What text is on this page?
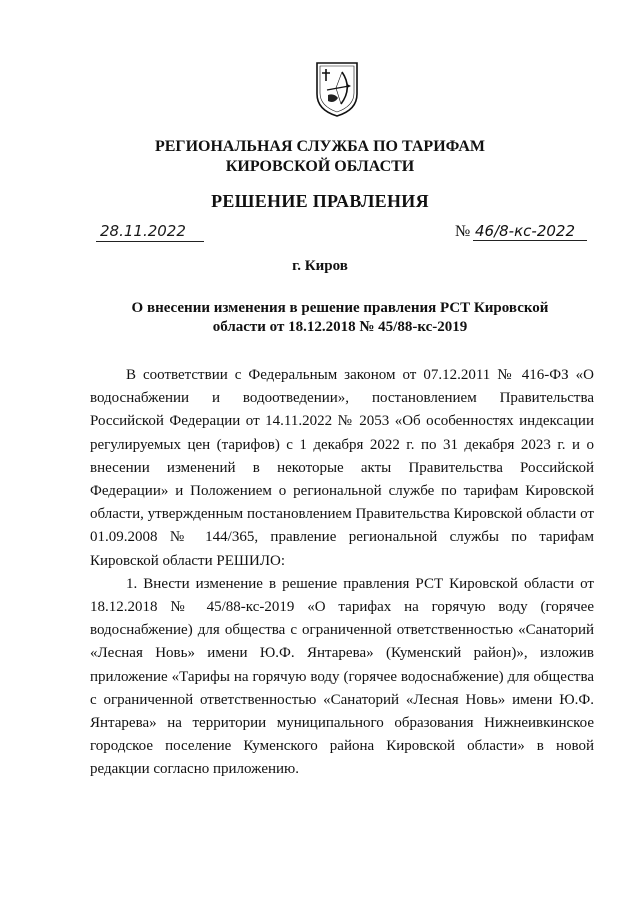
РЕГИОНАЛЬНАЯ СЛУЖБА ПО ТАРИФАМ
КИРОВСКОЙ ОБЛАСТИ
РЕШЕНИЕ ПРАВЛЕНИЯ
28.11.2022	№ 46/8-кс-2022
г. Киров
О внесении изменения в решение правления РСТ Кировской
области от 18.12.2018 № 45/88-кс-2019

В соответствии с Федеральным законом от 07.12.2011 № 416-ФЗ «О водоснабжении и водоотведении», постановлением Правительства Российской Федерации от 14.11.2022 № 2053 «Об особенностях индексации регулируемых цен (тарифов) с 1 декабря 2022 г. по 31 декабря 2023 г. и о внесении изменений в некоторые акты Правительства Российской Федерации» и Положением о региональной службе по тарифам Кировской области, утвержденным постановлением Правительства Кировской области от 01.09.2008 № 144/365, правление региональной службы по тарифам Кировской области РЕШИЛО:

1. Внести изменение в решение правления РСТ Кировской области от 18.12.2018 № 45/88-кс-2019 «О тарифах на горячую воду (горячее водоснабжение) для общества с ограниченной ответственностью «Санаторий «Лесная Новь» имени Ю.Ф. Янтарева» (Куменский район)», изложив приложение «Тарифы на горячую воду (горячее водоснабжение) для общества с ограниченной ответственностью «Санаторий «Лесная Новь» имени Ю.Ф. Янтарева» на территории муниципального образования Нижнеивкинское городское поселение Куменского района Кировской области» в новой редакции согласно приложению.
